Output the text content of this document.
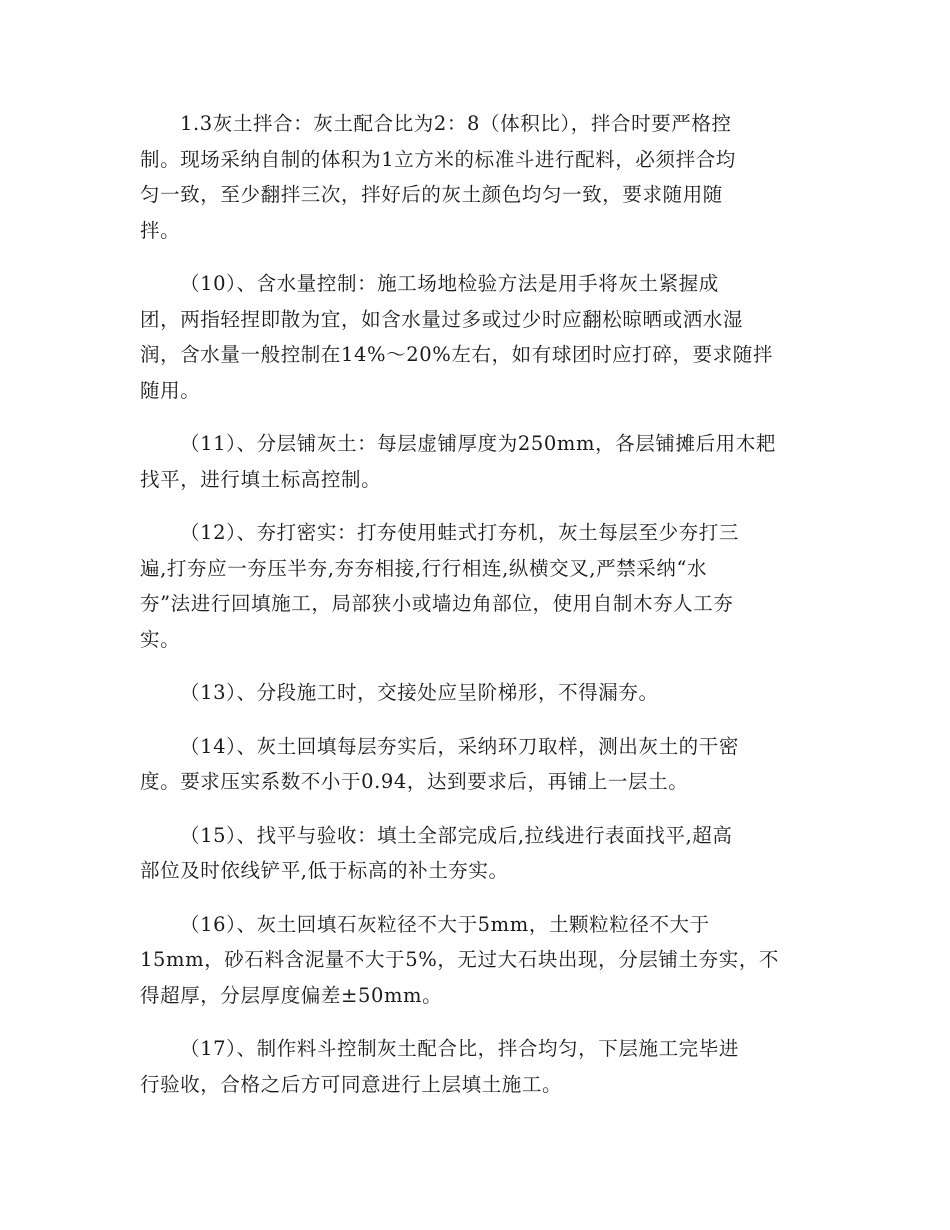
1.3灰土拌合：灰土配合比为2：8（体积比），拌合时要严格控
制。现场采纳自制的体积为1立方米的标准斗进行配料，必须拌合均
匀一致，至少翻拌三次，拌好后的灰土颜色均匀一致，要求随用随
拌。

（10）、含水量控制：施工场地检验方法是用手将灰土紧握成
团，两指轻捏即散为宜，如含水量过多或过少时应翻松晾晒或洒水湿
润，含水量一般控制在14%～20%左右，如有球团时应打碎，要求随拌
随用。

（11）、分层铺灰土：每层虚铺厚度为250mm，各层铺摊后用木耙
找平，进行填土标高控制。

（12）、夯打密实：打夯使用蛙式打夯机，灰土每层至少夯打三
遍,打夯应一夯压半夯,夯夯相接,行行相连,纵横交叉,严禁采纳“水
夯”法进行回填施工，局部狭小或墙边角部位，使用自制木夯人工夯
实。

（13）、分段施工时，交接处应呈阶梯形，不得漏夯。

（14）、灰土回填每层夯实后，采纳环刀取样，测出灰土的干密
度。要求压实系数不小于0.94，达到要求后，再铺上一层土。

（15）、找平与验收：填土全部完成后,拉线进行表面找平,超高
部位及时依线铲平,低于标高的补土夯实。

（16）、灰土回填石灰粒径不大于5mm，土颗粒粒径不大于
15mm，砂石料含泥量不大于5%，无过大石块出现，分层铺土夯实，不
得超厚，分层厚度偏差±50mm。

（17）、制作料斗控制灰土配合比，拌合均匀，下层施工完毕进
行验收，合格之后方可同意进行上层填土施工。
